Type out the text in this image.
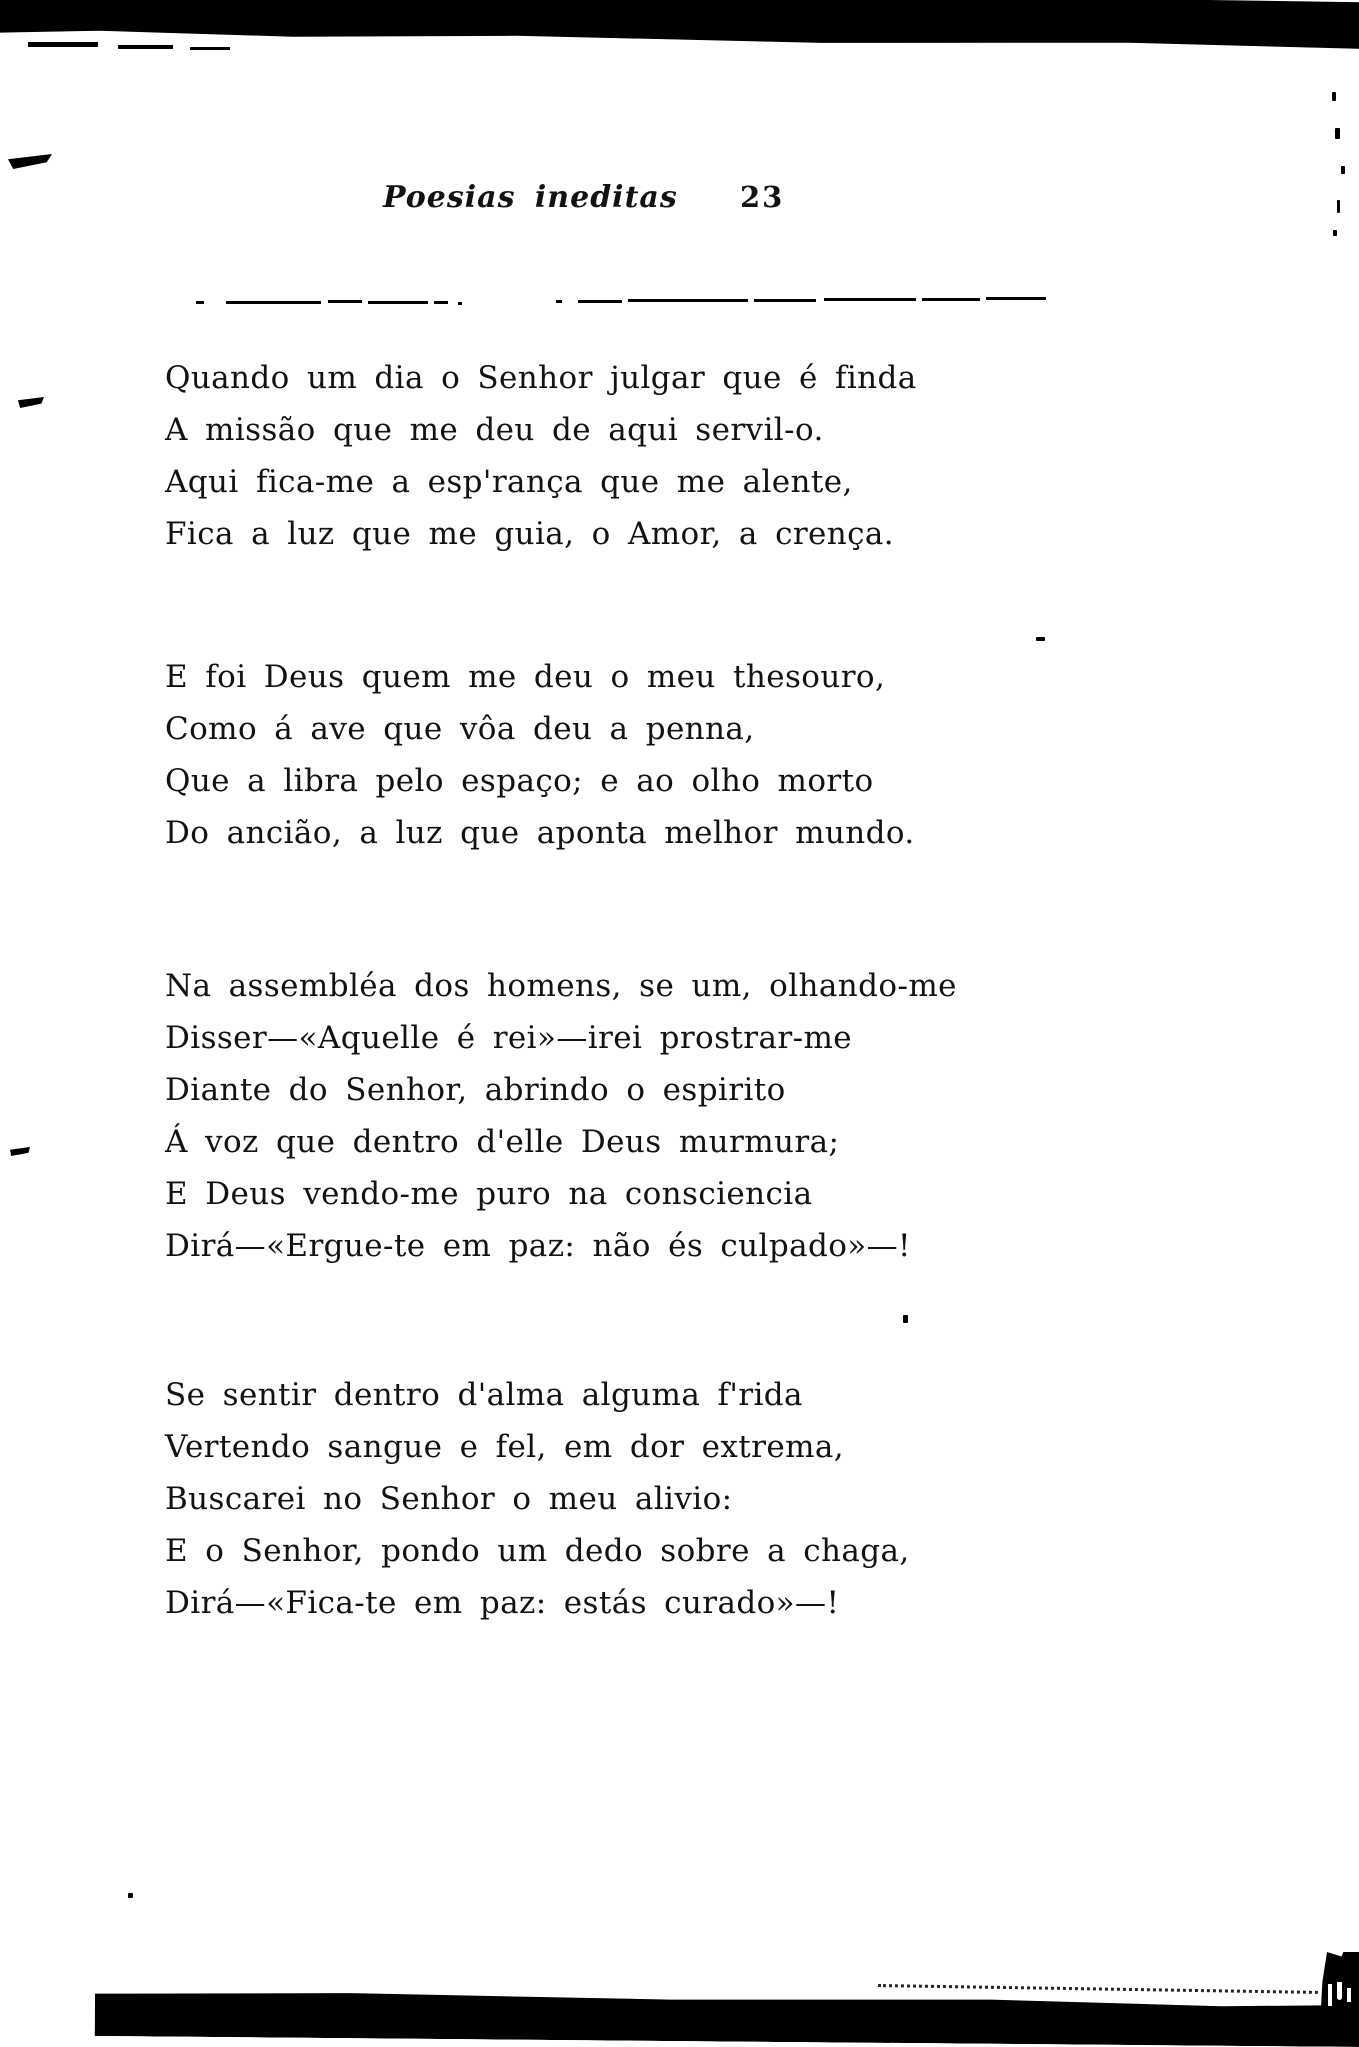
Poesias ineditas 23
Quando um dia o Senhor julgar que é finda
A missão que me deu de aqui servil-o.
Aqui fica-me a esp'rança que me alente,
Fica a luz que me guia, o Amor, a crença.
E foi Deus quem me deu o meu thesouro,
Como á ave que vôa deu a penna,
Que a libra pelo espaço; e ao olho morto
Do ancião, a luz que aponta melhor mundo.
Na assembléa dos homens, se um, olhando-me
Disser—«Aquelle é rei»—irei prostrar-me
Diante do Senhor, abrindo o espirito
Á voz que dentro d'elle Deus murmura;
E Deus vendo-me puro na consciencia
Dirá—«Ergue-te em paz: não és culpado»—!
Se sentir dentro d'alma alguma f'rida
Vertendo sangue e fel, em dor extrema,
Buscarei no Senhor o meu alivio:
E o Senhor, pondo um dedo sobre a chaga,
Dirá—«Fica-te em paz: estás curado»—!
